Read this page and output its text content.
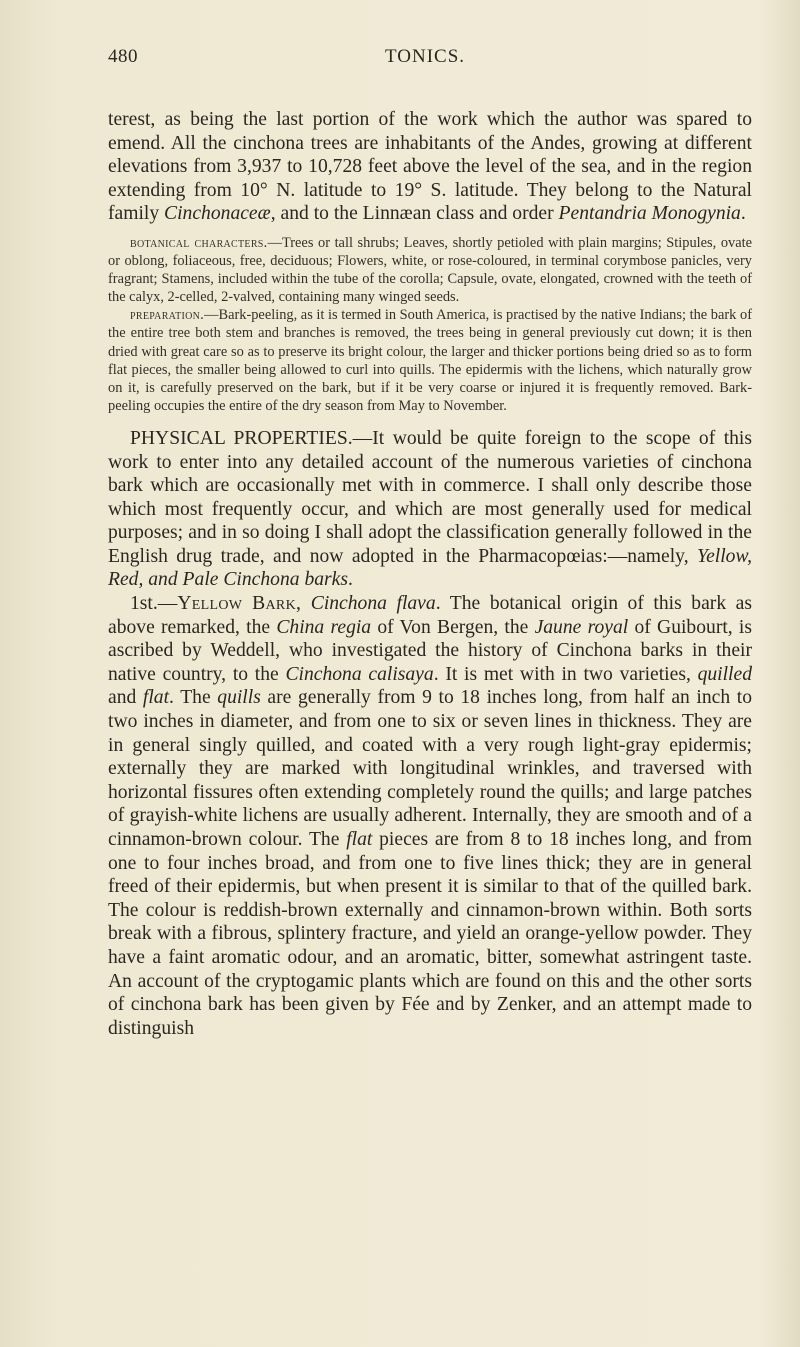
480	TONICS.

terest, as being the last portion of the work which the author was spared to emend. All the cinchona trees are inhabitants of the Andes, growing at different elevations from 3,937 to 10,728 feet above the level of the sea, and in the region extending from 10° N. latitude to 19° S. latitude. They belong to the Natural family Cinchonaceæ, and to the Linnæan class and order Pentandria Monogynia.

botanical characters.—Trees or tall shrubs; Leaves, shortly petioled with plain margins; Stipules, ovate or oblong, foliaceous, free, deciduous; Flowers, white, or rose-coloured, in terminal corymbose panicles, very fragrant; Stamens, included within the tube of the corolla; Capsule, ovate, elongated, crowned with the teeth of the calyx, 2-celled, 2-valved, containing many winged seeds.

preparation.—Bark-peeling, as it is termed in South America, is practised by the native Indians; the bark of the entire tree both stem and branches is removed, the trees being in general previously cut down; it is then dried with great care so as to preserve its bright colour, the larger and thicker portions being dried so as to form flat pieces, the smaller being allowed to curl into quills. The epidermis with the lichens, which naturally grow on it, is carefully preserved on the bark, but if it be very coarse or injured it is frequently removed. Bark-peeling occupies the entire of the dry season from May to November.

PHYSICAL PROPERTIES.—It would be quite foreign to the scope of this work to enter into any detailed account of the numerous varieties of cinchona bark which are occasionally met with in commerce. I shall only describe those which most frequently occur, and which are most generally used for medical purposes; and in so doing I shall adopt the classification generally followed in the English drug trade, and now adopted in the Pharmacopœias:—namely, Yellow, Red, and Pale Cinchona barks.

1st.—Yellow Bark, Cinchona flava. The botanical origin of this bark as above remarked, the China regia of Von Bergen, the Jaune royal of Guibourt, is ascribed by Weddell, who investigated the history of Cinchona barks in their native country, to the Cinchona calisaya. It is met with in two varieties, quilled and flat. The quills are generally from 9 to 18 inches long, from half an inch to two inches in diameter, and from one to six or seven lines in thickness. They are in general singly quilled, and coated with a very rough light-gray epidermis; externally they are marked with longitudinal wrinkles, and traversed with horizontal fissures often extending completely round the quills; and large patches of grayish-white lichens are usually adherent. Internally, they are smooth and of a cinnamon-brown colour. The flat pieces are from 8 to 18 inches long, and from one to four inches broad, and from one to five lines thick; they are in general freed of their epidermis, but when present it is similar to that of the quilled bark. The colour is reddish-brown externally and cinnamon-brown within. Both sorts break with a fibrous, splintery fracture, and yield an orange-yellow powder. They have a faint aromatic odour, and an aromatic, bitter, somewhat astringent taste. An account of the cryptogamic plants which are found on this and the other sorts of cinchona bark has been given by Fée and by Zenker, and an attempt made to distinguish
